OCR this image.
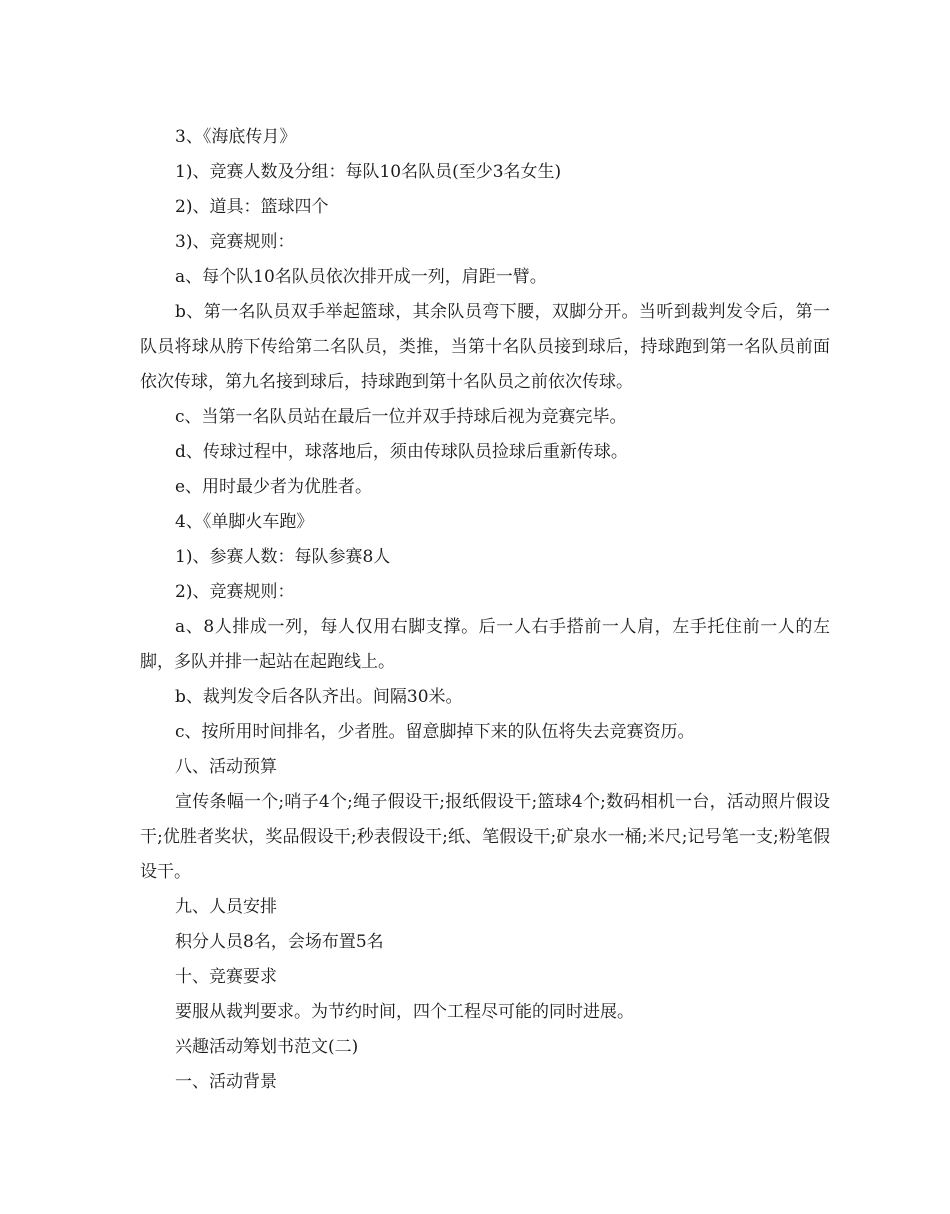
3、《海底传月》

1)、竞赛人数及分组：每队10名队员(至少3名女生)

2)、道具：篮球四个

3)、竞赛规则：

a、每个队10名队员依次排开成一列，肩距一臂。

b、第一名队员双手举起篮球，其余队员弯下腰，双脚分开。当听到裁判发令后，第一队员将球从胯下传给第二名队员，类推，当第十名队员接到球后，持球跑到第一名队员前面依次传球，第九名接到球后，持球跑到第十名队员之前依次传球。

c、当第一名队员站在最后一位并双手持球后视为竞赛完毕。

d、传球过程中，球落地后，须由传球队员捡球后重新传球。

e、用时最少者为优胜者。

4、《单脚火车跑》

1)、参赛人数：每队参赛8人

2)、竞赛规则：

a、8人排成一列，每人仅用右脚支撑。后一人右手搭前一人肩，左手托住前一人的左脚，多队并排一起站在起跑线上。

b、裁判发令后各队齐出。间隔30米。

c、按所用时间排名，少者胜。留意脚掉下来的队伍将失去竞赛资历。

八、活动预算

宣传条幅一个;哨子4个;绳子假设干;报纸假设干;篮球4个;数码相机一台，活动照片假设干;优胜者奖状，奖品假设干;秒表假设干;纸、笔假设干;矿泉水一桶;米尺;记号笔一支;粉笔假设干。

九、人员安排

积分人员8名，会场布置5名

十、竞赛要求

要服从裁判要求。为节约时间，四个工程尽可能的同时进展。

兴趣活动筹划书范文(二)

一、活动背景
